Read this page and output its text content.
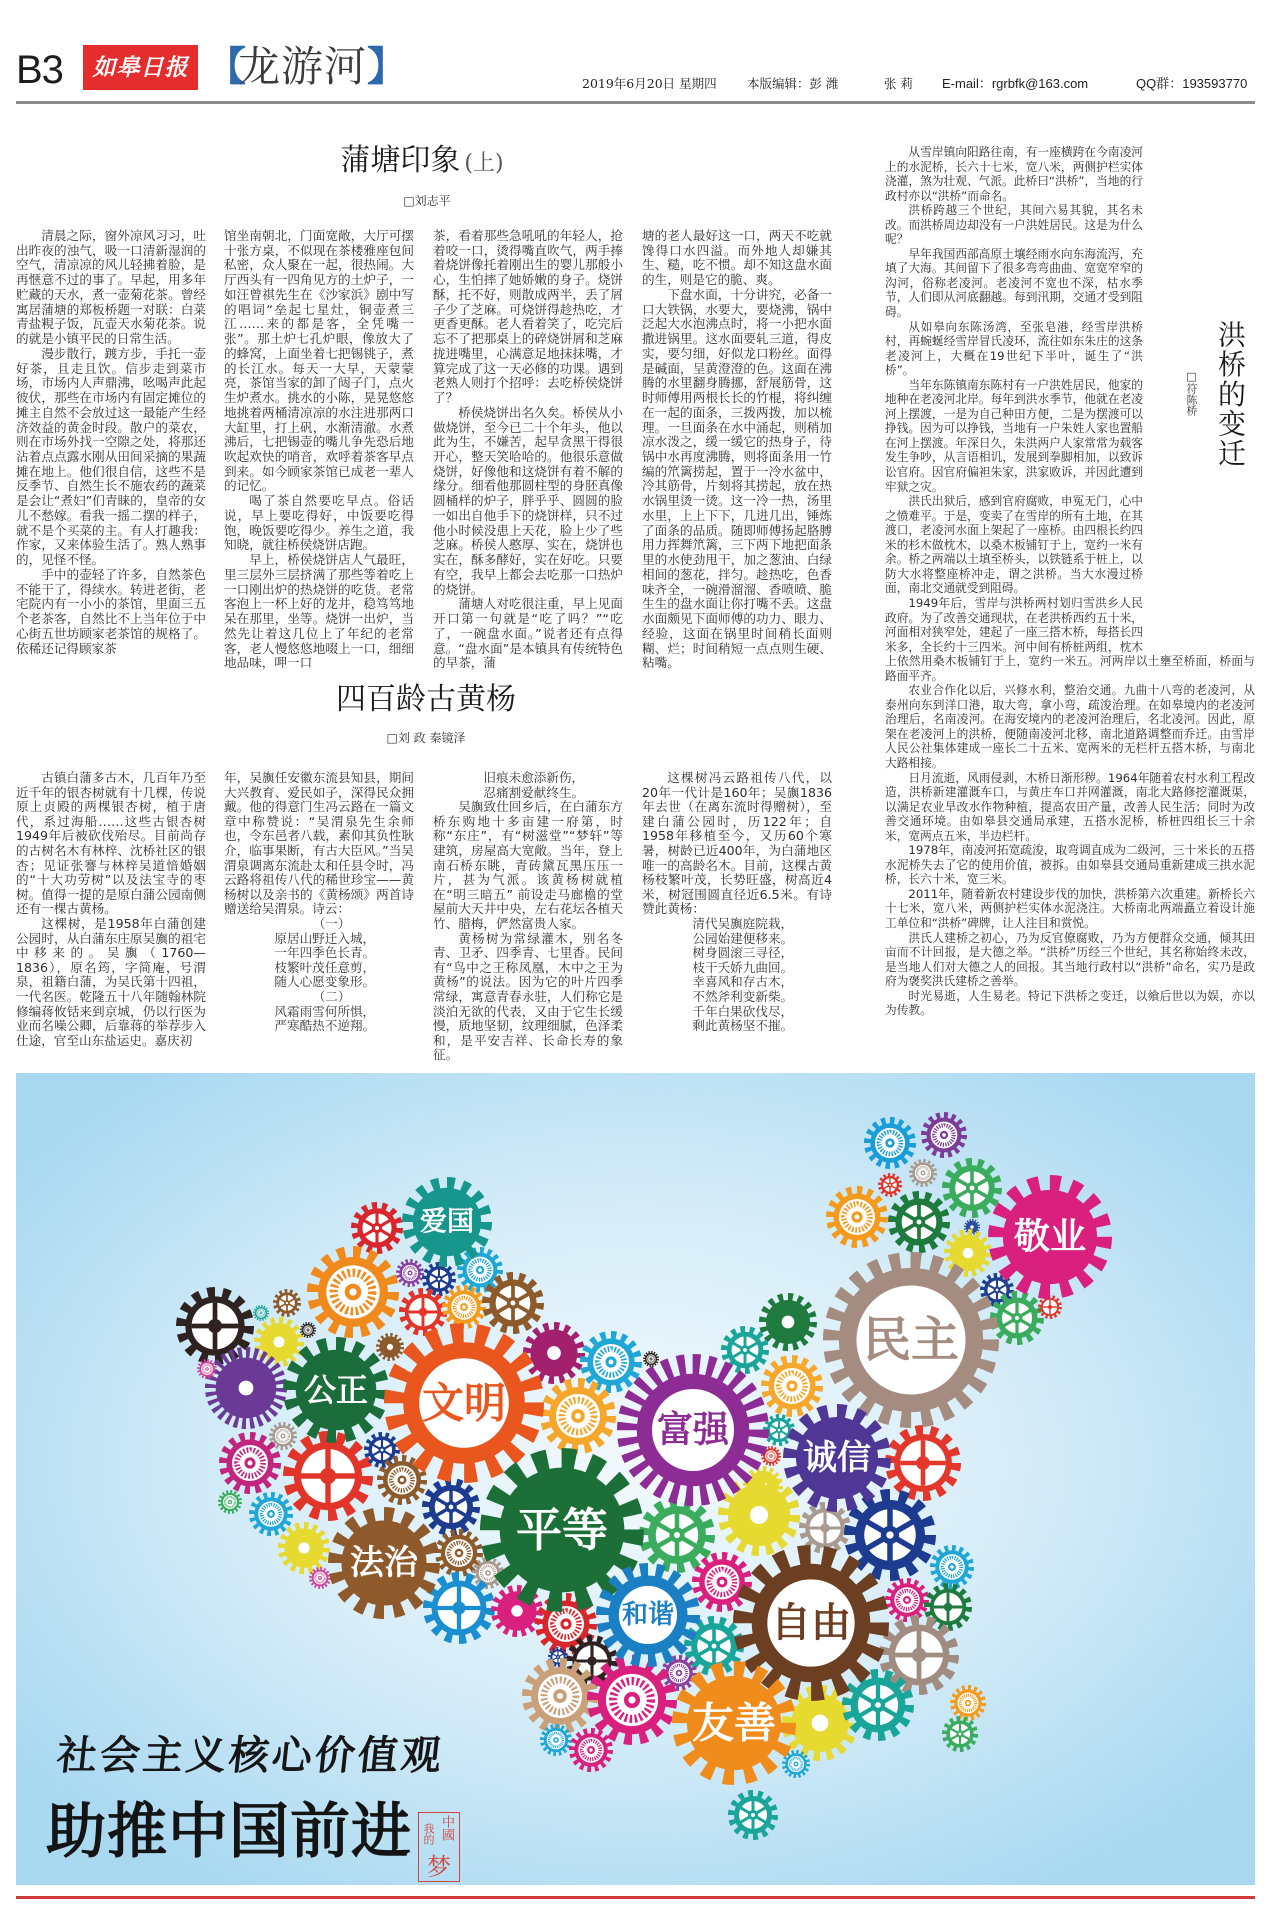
B3 如皋日报 【
龙游河 】	2019年6月20日 星期四 本版编辑：彭 潍	张 莉 E-mail：rgrbfk@163.com	QQ群：193593770
蒲塘印象 (上)
□刘志平

清晨之际，窗外凉风习习，吐出昨夜的浊气，吸一口清新湿润的空气，清凉凉的风儿轻拂着脸，是再惬意不过的事了。早起，用多年贮藏的天水，煮一壶菊花茶。曾经寓居蒲塘的郑板桥题一对联：白菜青盐粯子饭，瓦壶天水菊花茶。说的就是小镇平民的日常生活。

漫步散行，踱方步，手托一壶好茶，且走且饮。信步走到菜市场，市场内人声鼎沸，吆喝声此起彼伏，那些在市场内有固定摊位的摊主自然不会放过这一最能产生经济效益的黄金时段。散户的菜农，则在市场外找一空隙之处，将那还沾着点点露水刚从田间采摘的果蔬摊在地上。他们很自信，这些不是反季节、自然生长不施农药的蔬菜是会让“煮妇”们青睐的，皇帝的女儿不愁嫁。看我一摇二摆的样子，就不是个买菜的主。有人打趣我：作家，又来体验生活了。熟人熟事的，见怪不怪。

手中的壶轻了许多，自然茶色不能干了，得续水。转进老街，老宅院内有一小小的茶馆，里面三五个老茶客，自然比不上当年位于中心街五世坊顾家老茶馆的规格了。依稀还记得顾家茶

馆坐南朝北，门面宽敞，大厅可摆十张方桌，不似现在茶楼雅座包间私密，众人聚在一起，很热闹。大厅西头有一四角见方的土炉子，一如汪曾祺先生在《沙家浜》剧中写的唱词“垒起七星灶，铜壶煮三江……来的都是客，全凭嘴一张”。那土炉七孔炉眼，像放大了的蜂窝，上面坐着七把锡铫子，煮的长江水。每天一大早，天蒙蒙亮，茶馆当家的卸了闼子门，点火生炉煮水。挑水的小陈，晃晃悠悠地挑着两桶清凉凉的水注进那两口大缸里，打上矾，水渐清澈。水煮沸后，七把锡壶的嘴儿争先恐后地吹起欢快的哨音，欢呼着茶客早点到来。如今顾家茶馆已成老一辈人的记忆。

喝了茶自然要吃早点。俗话说，早上要吃得好，中饭要吃得饱，晚饭要吃得少。养生之道，我知晓，就往桥侯烧饼店跑。

早上，桥侯烧饼店人气最旺，里三层外三层挤满了那些等着吃上一口刚出炉的热烧饼的吃货。老常客泡上一杯上好的龙井，稳笃笃地呆在那里，坐等。烧饼一出炉，当然先让着这几位上了年纪的老常客，老人慢悠悠地啜上一口，细细地品味，呷一口

茶，看着那些急吼吼的年轻人，抢着咬一口，烫得嘴直吹气，两手捧着烧饼像托着刚出生的婴儿那般小心，生怕摔了她娇嫩的身子。烧饼酥，托不好，则散成两半，丢了屑子少了芝麻。可烧饼得趁热吃，才更香更酥。老人看着笑了，吃完后忘不了把那桌上的碎烧饼屑和芝麻拢进嘴里，心满意足地抹抹嘴，才算完成了这一天必修的功课。遇到老熟人则打个招呼：去吃桥侯烧饼了？

桥侯烧饼出名久矣。桥侯从小做烧饼，至今已二十个年头，他以此为生，不嫌苦，起早贪黑干得很开心，整天笑哈哈的。他很乐意做烧饼，好像他和这烧饼有着不解的缘分。细看他那圆柱型的身胚真像圆桶样的炉子，胖乎乎、圆圆的脸一如出自他手下的烧饼样，只不过他小时候没患上天花，脸上少了些芝麻。桥侯人憨厚、实在，烧饼也实在，酥多酵好，实在好吃。只要有空，我早上都会去吃那一口热炉的烧饼。

蒲塘人对吃很注重，早上见面开口第一句就是“吃了吗？”“吃了，一碗盘水面。”说者还有点得意。“盘水面”是本镇具有传统特色的早茶，蒲

塘的老人最好这一口，两天不吃就馋得口水四溢。而外地人却嫌其生、糙，吃不惯。却不知这盘水面的生，则是它的脆、爽。

下盘水面，十分讲究，必备一口大铁锅，水要大，要烧沸，锅中泛起大水泡沸点时，将一小把水面撒进锅里。这水面要轧三道，得皮实，要匀细，好似龙口粉丝。面得是碱面，呈黄澄澄的色。这面在沸腾的水里翻身腾挪，舒展筋骨，这时师傅用两根长长的竹棍，将纠缠在一起的面条，三拨两拨，加以梳理。一旦面条在水中涌起，则稍加凉水泼之，缓一缓它的热身子，待锅中水再度沸腾，则将面条用一竹编的笊篱捞起，置于一冷水盆中，冷其筋骨，片刻将其捞起，放在热水锅里烫一烫。这一冷一热，汤里水里，上上下下，几进几出，锤炼了面条的品质。随即师傅扬起胳膊用力挥舞笊篱，三下两下地把面条里的水使劲甩干，加之葱油、白绿相间的葱花，拌匀。趁热吃，色香味齐全，一碗滑溜溜、香喷喷、脆生生的盘水面让你打嘴不丢。这盘水面颇见下面师傅的功力、眼力、经验，这面在锅里时间稍长面则糊、烂；时间稍短一点点则生硬、粘嘴。

四百龄古黄杨
□刘 政 秦镜泽

古镇白蒲多古木，几百年乃至近千年的银杏树就有十几棵，传说原上贞殿的两棵银杏树，植于唐代，系过海船……这些古银杏树1949年后被砍伐殆尽。目前尚存的古树名木有林梓、沈桥社区的银杏；见证张謇与林梓吴道愔婚姻的“十大功劳树”以及法宝寺的枣树。值得一提的是原白蒲公园南侧还有一棵古黄杨。

这棵树，是1958年白蒲创建公园时，从白蒲东庄原吴旟的祖宅中移来的。吴旟（1760—1836），原名筠，字简庵，号渭泉，祖籍白蒲，为吴氏第十四祖，一代名医。乾隆五十八年随翰林院修编蒋攸铦来到京城，仍以行医为业而名噪公卿，后靠蒋的举荐步入仕途，官至山东盐运史。嘉庆初

年，吴旟任安徽东流县知县，期间大兴教育、爱民如子，深得民众拥戴。他的得意门生冯云路在一篇文章中称赞说：“吴渭泉先生余师也，令东邑者八载，素仰其负性耿介，临事果断，有古大臣风。”当吴渭泉调离东流赴太和任县令时，冯云路将祖传八代的稀世珍宝——黄杨树以及亲书的《黄杨颂》两首诗赠送给吴渭泉。诗云：

（一）

原居山野迁入城，

一年四季色长青。

枝繁叶茂任意剪，

随人心愿变象形。

（二）

风霜雨雪何所惧，

严寒酷热不逆翔。

旧痕未愈添新伤，

忍痛割爱献终生。

吴旟致仕回乡后，在白蒲东方桥东购地十多亩建一府第，时称“东庄”，有“树滋堂”“梦轩”等建筑，房屋高大宽敞。当年，登上南石桥东眺，青砖黛瓦黑压压一片，甚为气派。该黄杨树就植在“明三暗五” 前设走马廊檐的堂屋前大天井中央，左右花坛各植天竹、腊梅，俨然富贵人家。

黄杨树为常绿灌木，别名冬青、卫矛、四季青、七里香。民间有“鸟中之王称凤凰，木中之王为黄杨”的说法。因为它的叶片四季常绿，寓意青春永驻，人们称它是淡泊无欲的代表，又由于它生长缓慢，质地坚韧，纹理细腻，色泽柔和，是平安吉祥、长命长寿的象征。

这棵树冯云路祖传八代，以20年一代计是160年；吴旟1836年去世（在离东流时得赠树），至建白蒲公园时，历122年；自1958年移植至今，又历60个寒暑，树龄已近400年，为白蒲地区唯一的高龄名木。目前，这棵古黄杨枝繁叶茂，长势旺盛，树高近4米，树冠围圆直径近6.5米。有诗赞此黄杨：

清代吴旟庭院栽，

公园始建便移来。

树身圆滚三寻径，

枝干夭娇九曲回。

幸喜风和存古木，

不然斧利变新柴。

千年白果砍伐尽，

剩此黄杨坚不摧。

□符陈桥 洪桥的变迁

从雪岸镇向阳路往南，有一座横跨在今南凌河上的水泥桥，长六十七米，宽八米，两侧护栏实体浇灌，煞为壮观、气派。此桥曰“洪桥”，当地的行政村亦以“洪桥”而命名。

洪桥跨越三个世纪，其间六易其貌，其名未改。而洪桥周边却没有一户洪姓居民。这是为什么呢？

早年我国西部高原土壤经雨水向东海流泻，充填了大海。其间留下了很多弯弯曲曲、宽宽窄窄的沟河，俗称老凌河。老凌河不宽也不深，枯水季节，人们即从河底翻越。每到汛期，交通才受到阻碍。

从如皋向东陈汤湾，至张皂港，经雪岸洪桥村，再蜿蜒经雪岸冒氏凌环，流往如东朱庄的这条老凌河上，大概在19世纪下半叶，诞生了“洪桥”。

当年东陈镇南东陈村有一户洪姓居民，他家的地种在老凌河北岸。每年到洪水季节，他就在老凌河上摆渡，一是为自己种田方便，二是为摆渡可以挣钱。因为可以挣钱，当地有一户朱姓人家也置船在河上摆渡。年深日久，朱洪两户人家常常为载客发生争吵，从言语相讥，发展到拳脚相加，以致诉讼官府。因官府偏袒朱家，洪家败诉，并因此遭到牢狱之灾。

洪氏出狱后，感到官府腐败，申冤无门，心中之愤难平。于是，变卖了在雪岸的所有土地，在其渡口，老凌河水面上架起了一座桥。由四根长约四米的杉木做枕木，以桑木板铺钉于上，宽约一米有余。桥之两端以土填至桥头，以铁链系于桩上，以防大水将整座桥冲走，谓之洪桥。当大水漫过桥面，南北交通就受到阻碍。

1949年后，雪岸与洪桥两村划归雪洪乡人民政府。为了改善交通现状，在老洪桥西约五十米，河面相对狭窄处，建起了一座三搭木桥，每搭长四米多，全长约十三四米。河中间有桥桩两组，枕木上依然用桑木板铺钉于上，宽约一米五。河两岸以土壅至桥面，桥面与路面平齐。

农业合作化以后，兴修水利，整治交通。九曲十八弯的老凌河，从泰州向东到洋口港，取大弯，拿小弯，疏浚治理。在如皋境内的老凌河治理后，名南凌河。在海安境内的老凌河治理后，名北凌河。因此，原架在老凌河上的洪桥，便随南凌河北移，南北道路调整而乔迁。由雪岸人民公社集体建成一座长二十五米、宽两米的无栏杆五搭木桥，与南北大路相接。

日月流逝，风雨侵剥，木桥日渐形秽。1964年随着农村水利工程改造，洪桥新建灌溉车口，与黄庄车口并网灌溉，南北大路修挖灌溉渠，以满足农业旱改水作物种植，提高农田产量，改善人民生活；同时为改善交通环境。由如皋县交通局承建，五搭水泥桥，桥桩四组长三十余米，宽两点五米，半边栏杆。

1978年，南凌河拓宽疏浚，取弯调直成为二级河，三十米长的五搭水泥桥失去了它的使用价值，被拆。由如皋县交通局重新建成三拱水泥桥，长六十米，宽三米。

2011年，随着新农村建设步伐的加快，洪桥第六次重建。新桥长六十七米，宽八米，两侧护栏实体水泥浇注。大桥南北两端矗立着设计施工单位和“洪桥”碑牌，让人注目和赏悦。

洪氏人建桥之初心，乃为反官僚腐败，乃为方便群众交通，倾其田亩而不计回报，是大德之举。“洪桥”历经三个世纪，其名称始终未改，是当地人们对大德之人的回报。其当地行政村以“洪桥”命名，实乃是政府为褒奖洪氏建桥之善举。

时光易逝，人生易老。特记下洪桥之变迁，以飨后世以为娱，亦以为传教。

爱国	敬业
民主
公正 文明
富强
诚信
法治
平等
和谐 自由
友善
社会主义核心价值观
助推中国前进 我的 中國
梦
